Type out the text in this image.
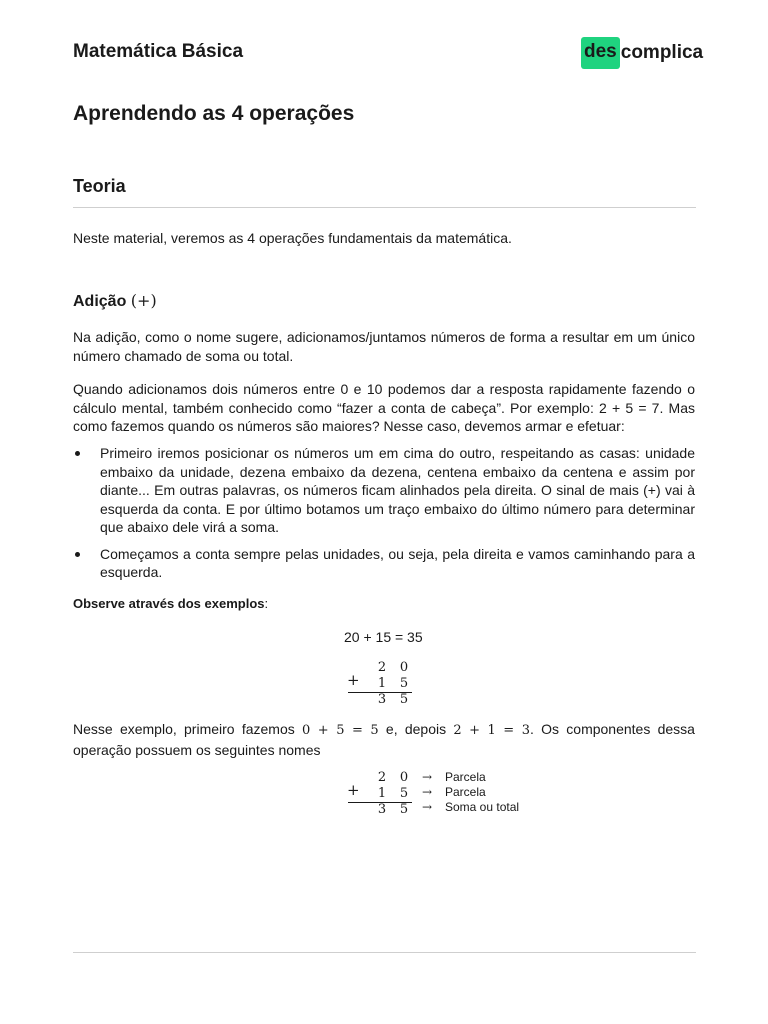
Matemática Básica	des complica
Aprendendo as 4 operações
Teoria

Neste material, veremos as 4 operações fundamentais da matemática.

Adição (+)

Na adição, como o nome sugere, adicionamos/juntamos números de forma a resultar em um único número chamado de soma ou total.

Quando adicionamos dois números entre 0 e 10 podemos dar a resposta rapidamente fazendo o cálculo mental, também conhecido como “fazer a conta de cabeça”. Por exemplo: 2 + 5 = 7. Mas como fazemos quando os números são maiores? Nesse caso, devemos armar e efetuar:

Primeiro iremos posicionar os números um em cima do outro, respeitando as casas: unidade embaixo da unidade, dezena embaixo da dezena, centena embaixo da centena e assim por diante... Em outras palavras, os números ficam alinhados pela direita. O sinal de mais (+) vai à esquerda da conta. E por último botamos um traço embaixo do último número para determinar que abaixo dele virá a soma.
Começamos a conta sempre pelas unidades, ou seja, pela direita e vamos caminhando para a esquerda.

Observe através dos exemplos:

20 + 15 = 35
2 0
+ 1 5
3 5

Nesse exemplo, primeiro fazemos 0 + 5 = 5 e, depois 2 + 1 = 3. Os componentes dessa operação possuem os seguintes nomes

2 0 → Parcela
+ 1 5 → Parcela
3 5 → Soma ou total
